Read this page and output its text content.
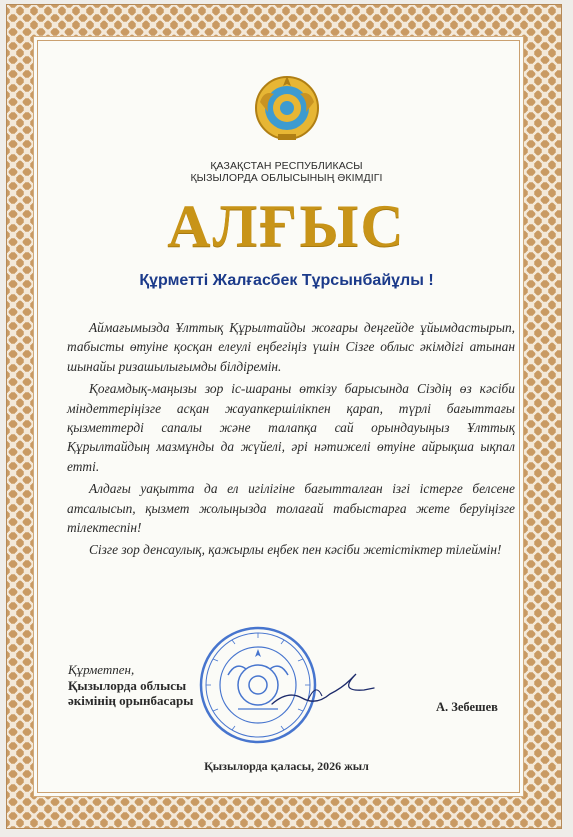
ҚАЗАҚСТАН РЕСПУБЛИКАСЫ
ҚЫЗЫЛОРДА ОБЛЫСЫНЫҢ ӘКІМДІГІ
АЛҒЫС
Құрметті Жалғасбек Тұрсынбайұлы !

Аймағымызда Ұлттық Құрылтайды жоғары деңгейде ұйымдастырып, табысты өтуіне қосқан елеулі еңбегіңіз үшін Сізге облыс әкімдігі атынан шынайы ризашылығымды білдіремін.

Қоғамдық-маңызы зор іс-шараны өткізу барысында Сіздің өз кәсіби міндеттеріңізге асқан жауапкершілікпен қарап, түрлі бағыттағы қызметтерді сапалы және талапқа сай орындауыңыз Ұлттық Құрылтайдың мазмұнды да жүйелі, әрі нәтижелі өтуіне айрықша ықпал етті.

Алдағы уақытта да ел игілігіне бағытталған ізгі істерге белсене атсалысып, қызмет жолыңызда толағай табыстарға жете беруіңізге тілектеспін!

Сізге зор денсаулық, қажырлы еңбек пен кәсіби жетістіктер тілеймін!

Құрметпен,
Қызылорда облысы
әкімінің орынбасары	А. Зебешев
Қызылорда қаласы, 2026 жыл
